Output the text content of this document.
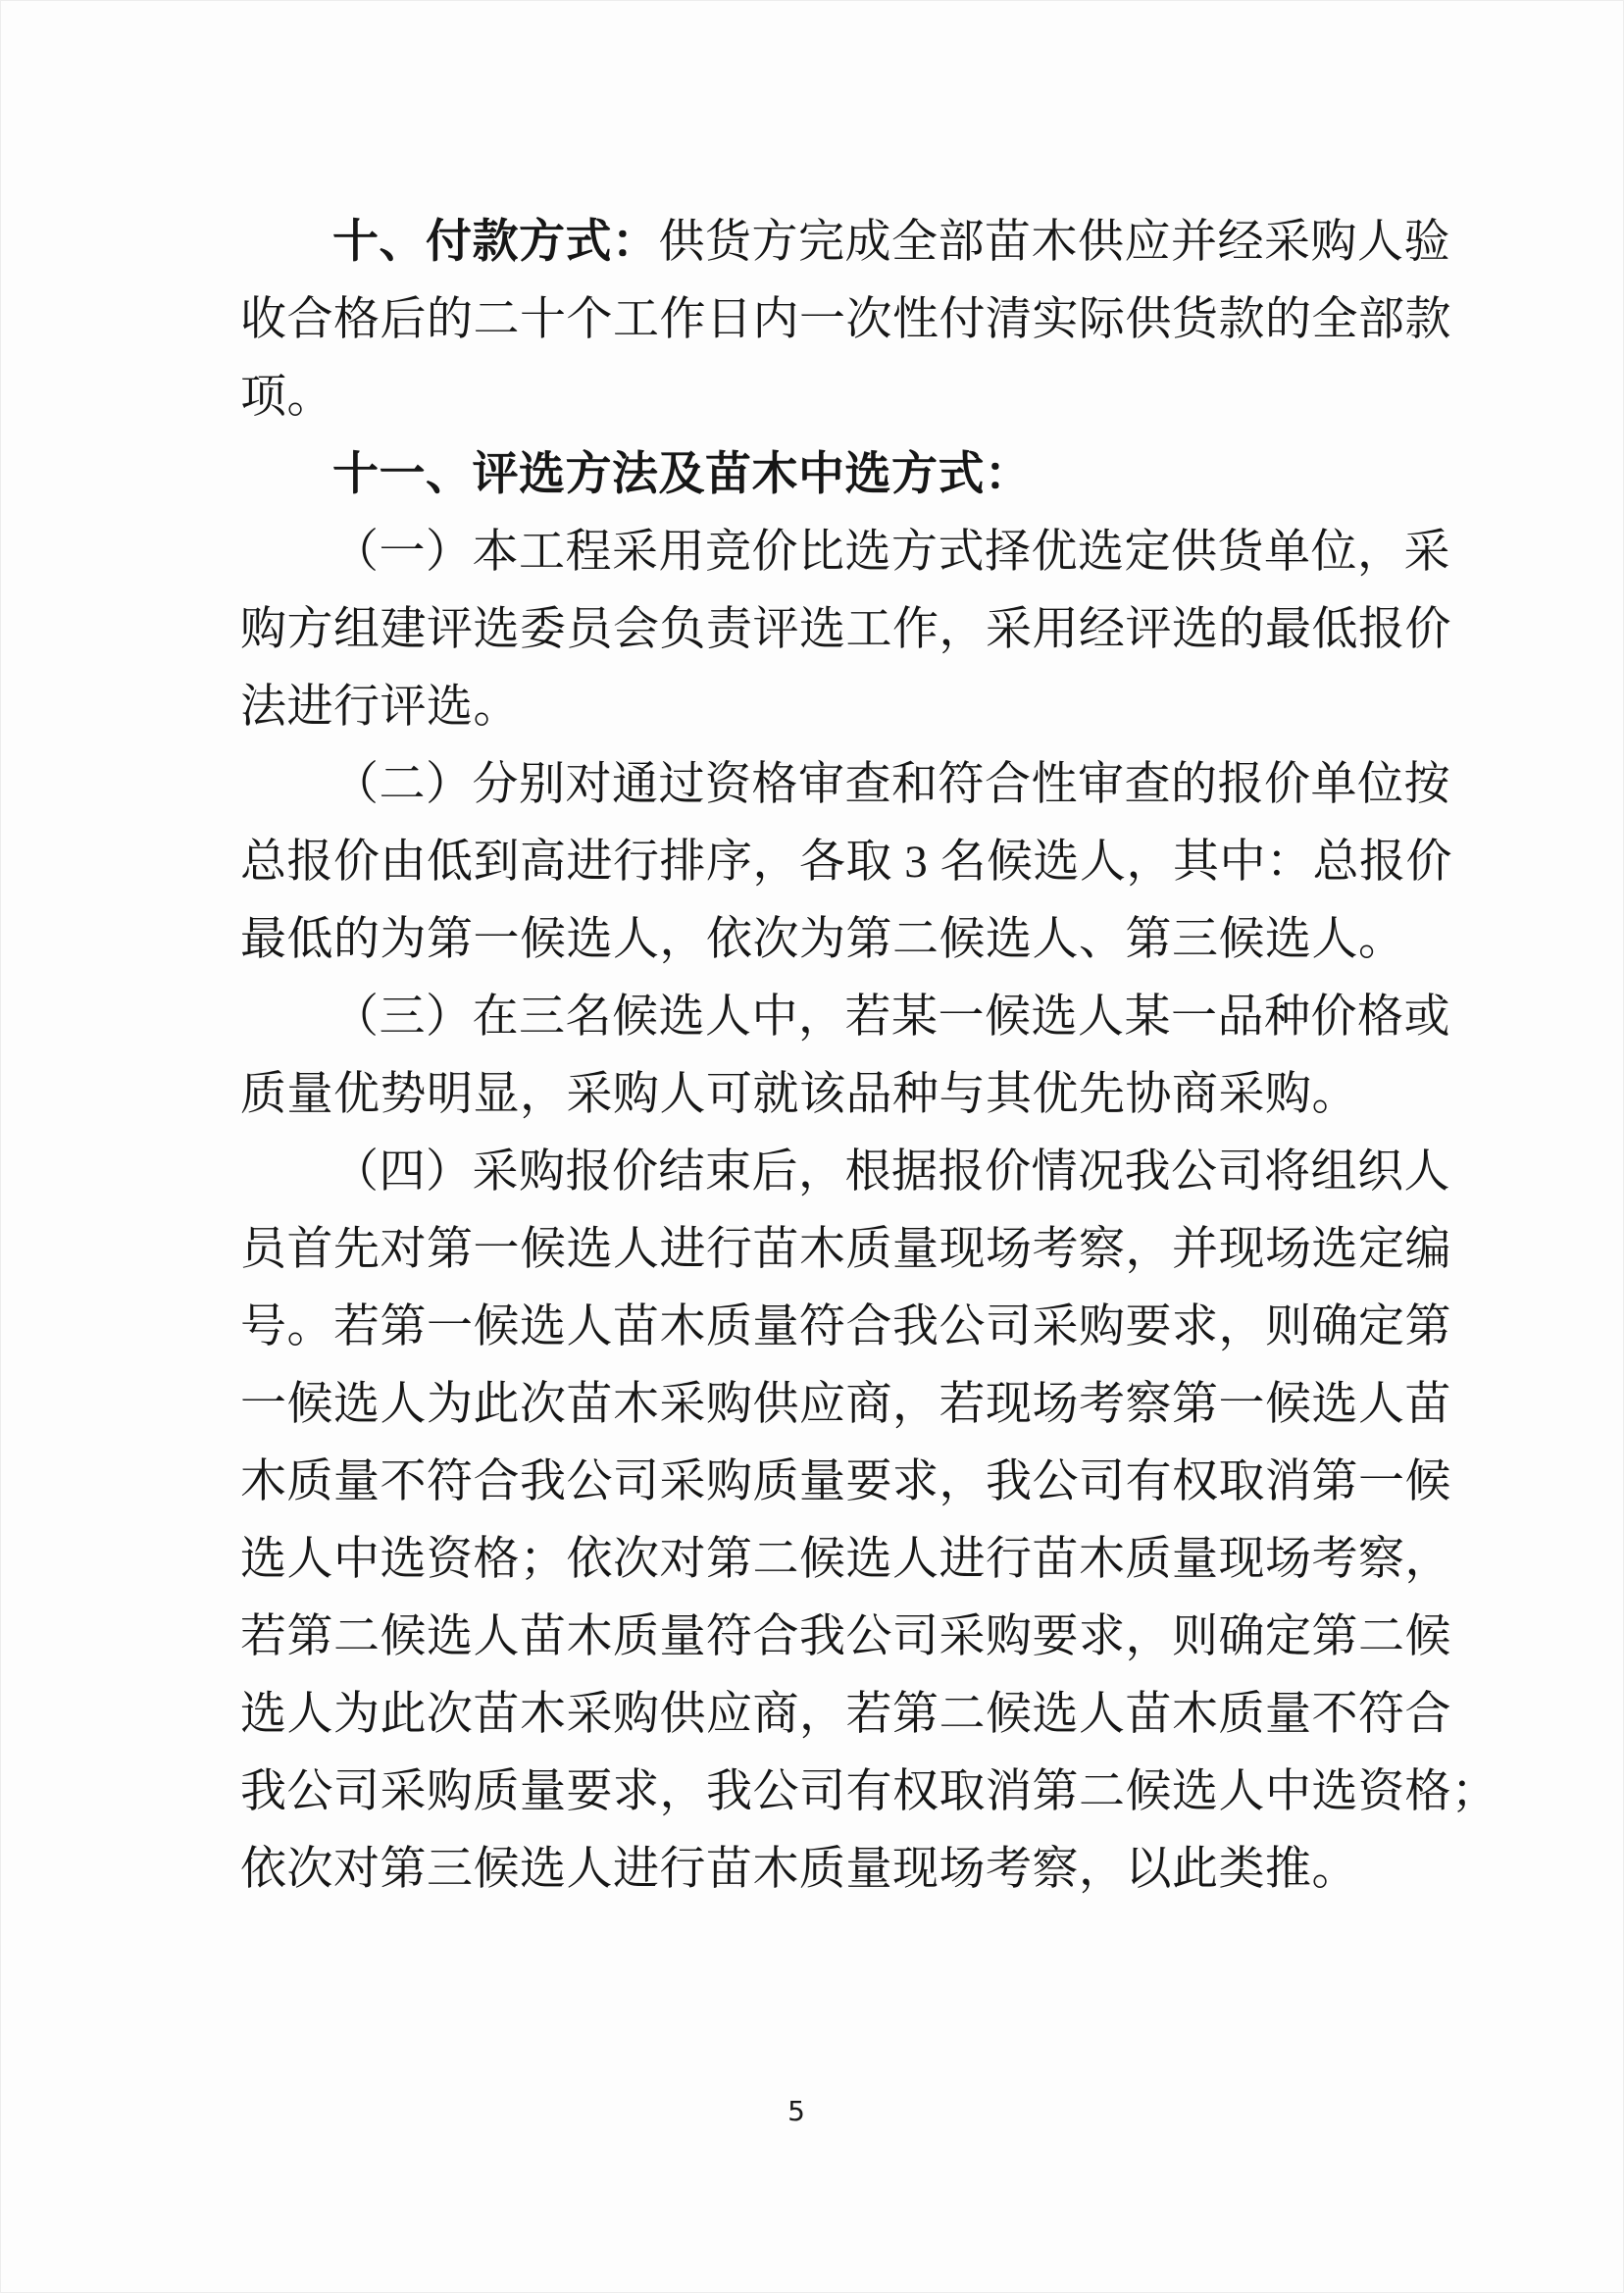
十、付款方式：供货方完成全部苗木供应并经采购人验
收合格后的二十个工作日内一次性付清实际供货款的全部款
项。
十一、评选方法及苗木中选方式：
（一）本工程采用竞价比选方式择优选定供货单位，采
购方组建评选委员会负责评选工作，采用经评选的最低报价
法进行评选。
（二）分别对通过资格审查和符合性审查的报价单位按
总报价由低到高进行排序，各取 3 名候选人，其中：总报价
最低的为第一候选人，依次为第二候选人、第三候选人。
（三）在三名候选人中，若某一候选人某一品种价格或
质量优势明显，采购人可就该品种与其优先协商采购。
（四）采购报价结束后，根据报价情况我公司将组织人
员首先对第一候选人进行苗木质量现场考察，并现场选定编
号。若第一候选人苗木质量符合我公司采购要求，则确定第
一候选人为此次苗木采购供应商，若现场考察第一候选人苗
木质量不符合我公司采购质量要求，我公司有权取消第一候
选人中选资格；依次对第二候选人进行苗木质量现场考察，
若第二候选人苗木质量符合我公司采购要求，则确定第二候
选人为此次苗木采购供应商，若第二候选人苗木质量不符合
我公司采购质量要求，我公司有权取消第二候选人中选资格；
依次对第三候选人进行苗木质量现场考察，以此类推。
5
